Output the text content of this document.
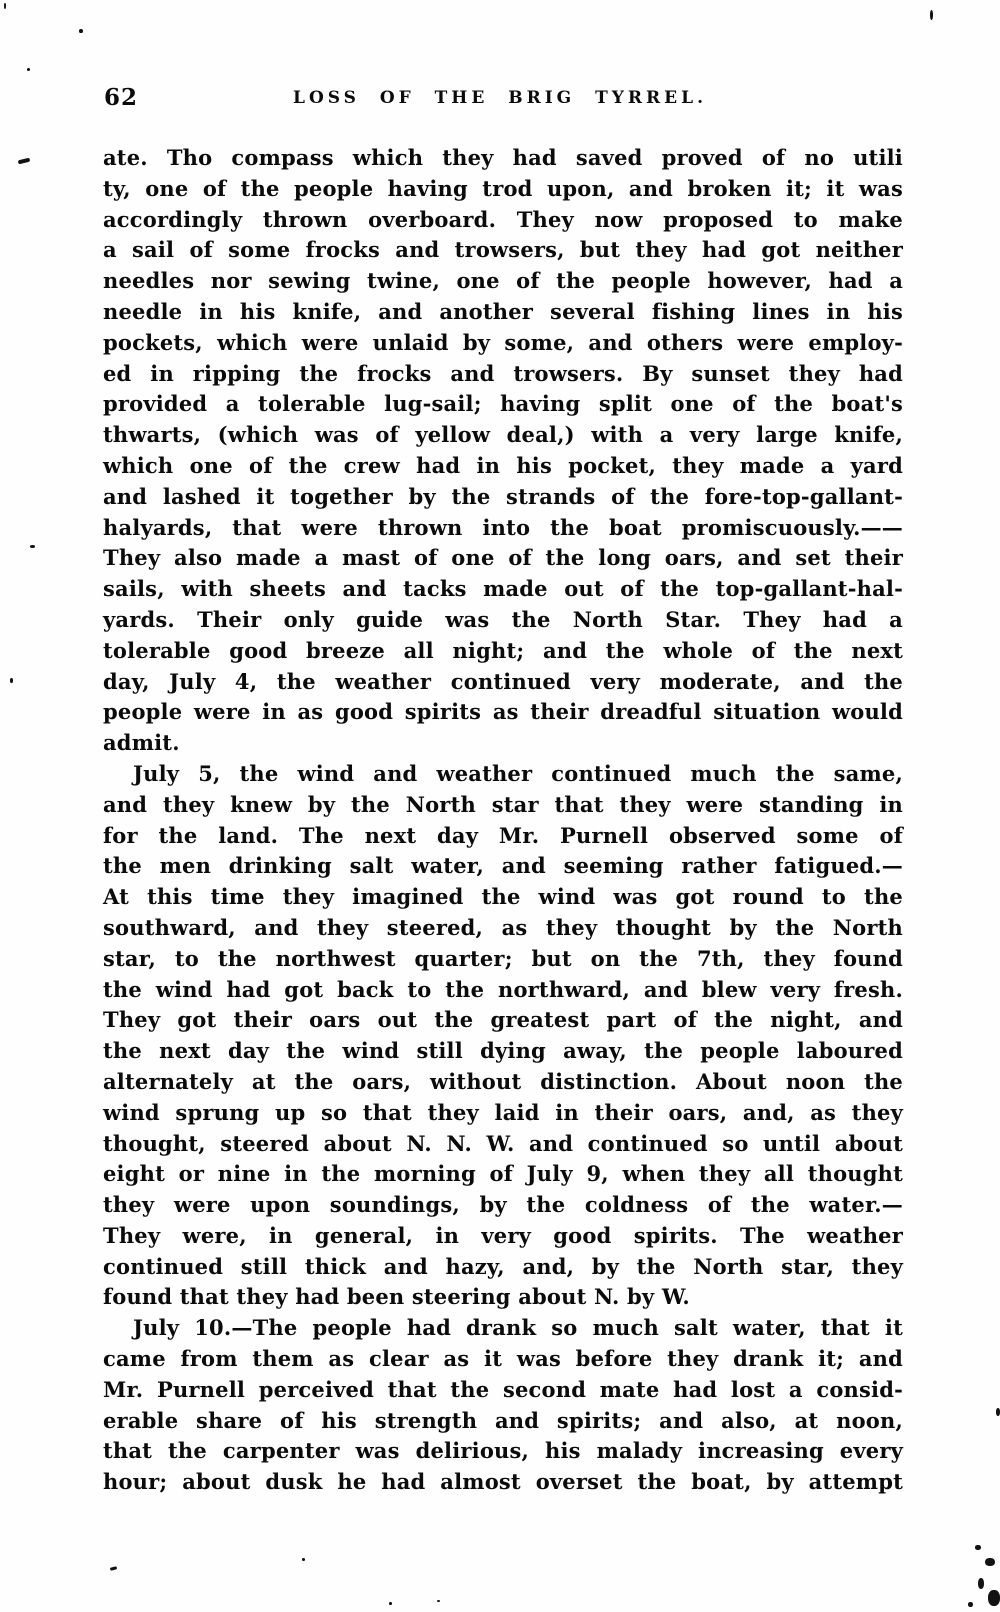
62	LOSS OF THE BRIG TYRREL.
ate. Tho compass which they had saved proved of no utili
ty, one of the people having trod upon, and broken it; it was
accordingly thrown overboard. They now proposed to make
a sail of some frocks and trowsers, but they had got neither
needles nor sewing twine, one of the people however, had a
needle in his knife, and another several fishing lines in his
pockets, which were unlaid by some, and others were employ-
ed in ripping the frocks and trowsers. By sunset they had
provided a tolerable lug-sail; having split one of the boat's
thwarts, (which was of yellow deal,) with a very large knife,
which one of the crew had in his pocket, they made a yard
and lashed it together by the strands of the fore-top-gallant-
halyards, that were thrown into the boat promiscuously.——
They also made a mast of one of the long oars, and set their
sails, with sheets and tacks made out of the top-gallant-hal-
yards. Their only guide was the North Star. They had a
tolerable good breeze all night; and the whole of the next
day, July 4, the weather continued very moderate, and the
people were in as good spirits as their dreadful situation would
admit.
July 5, the wind and weather continued much the same,
and they knew by the North star that they were standing in
for the land. The next day Mr. Purnell observed some of
the men drinking salt water, and seeming rather fatigued.—
At this time they imagined the wind was got round to the
southward, and they steered, as they thought by the North
star, to the northwest quarter; but on the 7th, they found
the wind had got back to the northward, and blew very fresh.
They got their oars out the greatest part of the night, and
the next day the wind still dying away, the people laboured
alternately at the oars, without distinction. About noon the
wind sprung up so that they laid in their oars, and, as they
thought, steered about N. N. W. and continued so until about
eight or nine in the morning of July 9, when they all thought
they were upon soundings, by the coldness of the water.—
They were, in general, in very good spirits. The weather
continued still thick and hazy, and, by the North star, they
found that they had been steering about N. by W.
July 10.—The people had drank so much salt water, that it
came from them as clear as it was before they drank it; and
Mr. Purnell perceived that the second mate had lost a consid-
erable share of his strength and spirits; and also, at noon,
that the carpenter was delirious, his malady increasing every
hour; about dusk he had almost overset the boat, by attempt
